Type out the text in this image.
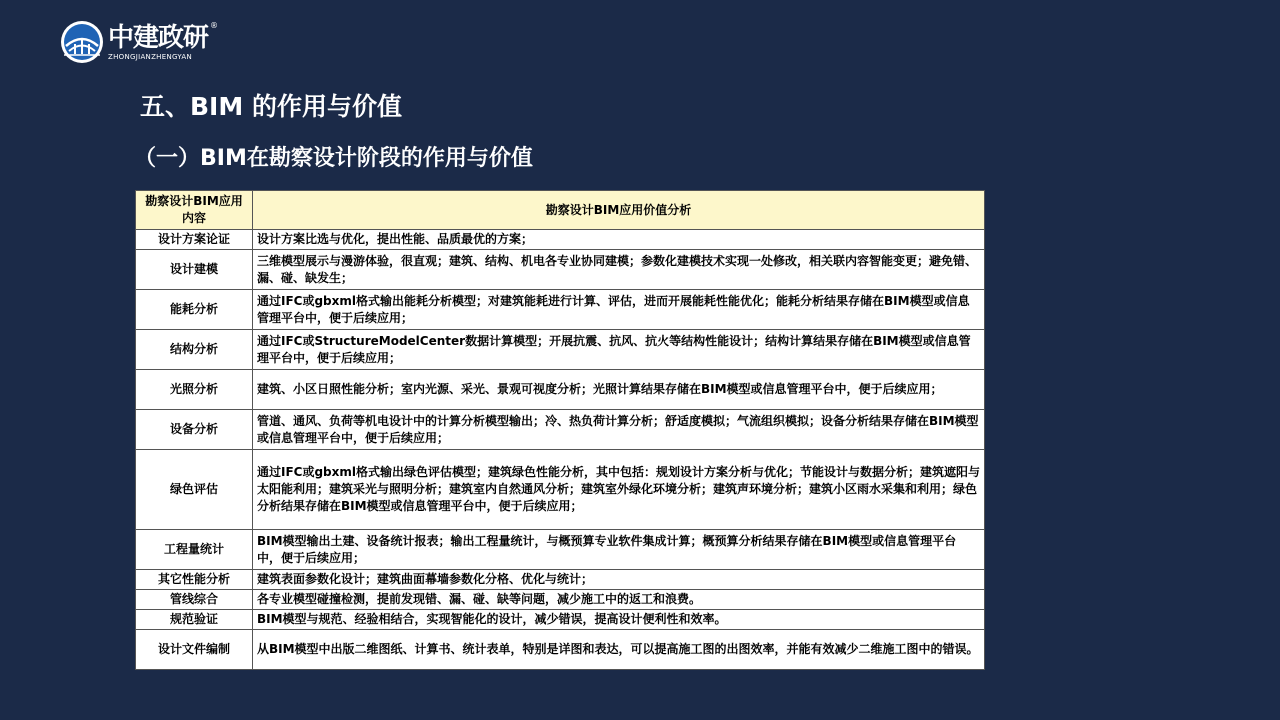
中建政研
ZHONGJIANZHENGYAN
®
五、BIM 的作用与价值
（一）BIM在勘察设计阶段的作用与价值
勘察设计BIM应用内容	勘察设计BIM应用价值分析
设计方案论证	设计方案比选与优化，提出性能、品质最优的方案；
设计建模	三维模型展示与漫游体验，很直观；建筑、结构、机电各专业协同建模；参数化建模技术实现一处修改，相关联内容智能变更；避免错、漏、碰、缺发生；
能耗分析	通过IFC或gbxml格式输出能耗分析模型；对建筑能耗进行计算、评估，进而开展能耗性能优化；能耗分析结果存储在BIM模型或信息管理平台中，便于后续应用；
结构分析	通过IFC或StructureModelCenter数据计算模型；开展抗震、抗风、抗火等结构性能设计；结构计算结果存储在BIM模型或信息管理平台中，便于后续应用；
光照分析	建筑、小区日照性能分析；室内光源、采光、景观可视度分析；光照计算结果存储在BIM模型或信息管理平台中，便于后续应用；
设备分析	管道、通风、负荷等机电设计中的计算分析模型输出；冷、热负荷计算分析；舒适度模拟；气流组织模拟；设备分析结果存储在BIM模型或信息管理平台中，便于后续应用；
绿色评估	通过IFC或gbxml格式输出绿色评估模型；建筑绿色性能分析，其中包括：规划设计方案分析与优化；节能设计与数据分析；建筑遮阳与太阳能利用；建筑采光与照明分析；建筑室内自然通风分析；建筑室外绿化环境分析；建筑声环境分析；建筑小区雨水采集和利用；绿色分析结果存储在BIM模型或信息管理平台中，便于后续应用；
工程量统计	BIM模型输出土建、设备统计报表；输出工程量统计，与概预算专业软件集成计算；概预算分析结果存储在BIM模型或信息管理平台中，便于后续应用；
其它性能分析	建筑表面参数化设计；建筑曲面幕墙参数化分格、优化与统计；
管线综合	各专业模型碰撞检测，提前发现错、漏、碰、缺等问题，减少施工中的返工和浪费。
规范验证	BIM模型与规范、经验相结合，实现智能化的设计，减少错误，提高设计便利性和效率。
设计文件编制	从BIM模型中出版二维图纸、计算书、统计表单，特别是详图和表达，可以提高施工图的出图效率，并能有效减少二维施工图中的错误。
